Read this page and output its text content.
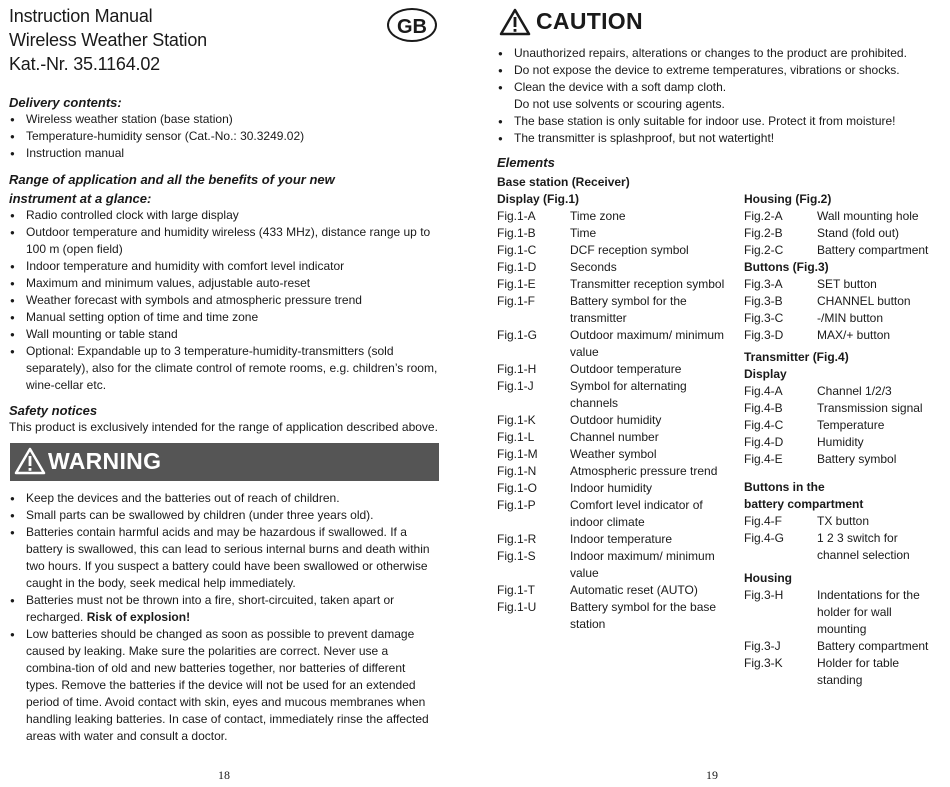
Instruction Manual
Wireless Weather Station
Kat.-Nr. 35.1164.02
GB
Delivery contents:
● Wireless weather station (base station)
● Temperature-humidity sensor (Cat.-No.: 30.3249.02)
● Instruction manual
Range of application and all the benefits of your new
instrument at a glance:
● Radio controlled clock with large display
● Outdoor temperature and humidity wireless (433 MHz), distance range up to 100 m (open field)
● Indoor temperature and humidity with comfort level indicator
● Maximum and minimum values, adjustable auto-reset
● Weather forecast with symbols and atmospheric pressure trend
● Manual setting option of time and time zone
● Wall mounting or table stand
● Optional: Expandable up to 3 temperature-humidity-transmitters (sold separately), also for the climate control of remote rooms, e.g. children’s room, wine-cellar etc.
Safety notices
This product is exclusively intended for the range of application described above.
WARNING
● Keep the devices and the batteries out of reach of children.
● Small parts can be swallowed by children (under three years old).
● Batteries contain harmful acids and may be hazardous if swallowed. If a battery is swallowed, this can lead to serious internal burns and death within two hours. If you suspect a battery could have been swallowed or otherwise caught in the body, seek medical help immediately.
● Batteries must not be thrown into a fire, short-circuited, taken apart or recharged. Risk of explosion!
● Low batteries should be changed as soon as possible to prevent damage caused by leaking. Make sure the polarities are correct. Never use a combina-tion of old and new batteries together, nor batteries of different types. Remove the batteries if the device will not be used for an extended period of time. Avoid contact with skin, eyes and mucous membranes when handling leaking batteries. In case of contact, immediately rinse the affected areas with water and consult a doctor.
18
CAUTION
● Unauthorized repairs, alterations or changes to the product are prohibited.
● Do not expose the device to extreme temperatures, vibrations or shocks.
● Clean the device with a soft damp cloth.
Do not use solvents or scouring agents.
● The base station is only suitable for indoor use. Protect it from moisture!
● The transmitter is splashproof, but not watertight!
Elements
Base station (Receiver)
Display (Fig.1)
Fig.1-A	Time zone
Fig.1-B	Time
Fig.1-C	DCF reception symbol
Fig.1-D	Seconds
Fig.1-E	Transmitter reception symbol
Fig.1-F	Battery symbol for the transmitter
Fig.1-G	Outdoor maximum/ minimum value
Fig.1-H	Outdoor temperature
Fig.1-J	Symbol for alternating channels
Fig.1-K	Outdoor humidity
Fig.1-L	Channel number
Fig.1-M	Weather symbol
Fig.1-N	Atmospheric pressure trend
Fig.1-O	Indoor humidity
Fig.1-P	Comfort level indicator of indoor climate
Fig.1-R	Indoor temperature
Fig.1-S	Indoor maximum/ minimum value
Fig.1-T	Automatic reset (AUTO)
Fig.1-U	Battery symbol for the base station
Housing (Fig.2)
Fig.2-A	Wall mounting hole
Fig.2-B	Stand (fold out)
Fig.2-C	Battery compartment
Buttons (Fig.3)
Fig.3-A	SET button
Fig.3-B	CHANNEL button
Fig.3-C	-/MIN button
Fig.3-D	MAX/+ button
Transmitter (Fig.4)
Display
Fig.4-A	Channel 1/2/3
Fig.4-B	Transmission signal
Fig.4-C	Temperature
Fig.4-D	Humidity
Fig.4-E	Battery symbol
Buttons in the
battery compartment
Fig.4-F	TX button
Fig.4-G	1 2 3 switch for channel selection
Housing
Fig.3-H	Indentations for the holder for wall mounting
Fig.3-J	Battery compartment
Fig.3-K	Holder for table standing
19
